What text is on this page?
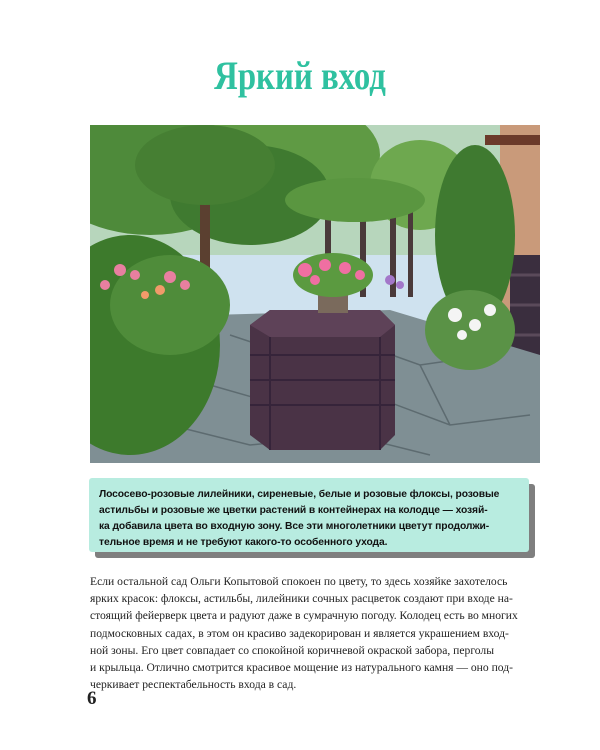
Яркий вход
Лососево-розовые лилейники, сиреневые, белые и розовые флоксы, розовые
астильбы и розовые же цветки растений в контейнерах на колодце — хозяй-
ка добавила цвета во входную зону. Все эти многолетники цветут продолжи-
тельное время и не требуют какого-то особенного ухода.
Если остальной сад Ольги Копытовой спокоен по цвету, то здесь хозяйке захотелось
ярких красок: флоксы, астильбы, лилейники сочных расцветок создают при входе на-
стоящий фейерверк цвета и радуют даже в сумрачную погоду. Колодец есть во многих
подмосковных садах, в этом он красиво задекорирован и является украшением вход-
ной зоны. Его цвет совпадает со спокойной коричневой окраской забора, перголы
и крыльца. Отлично смотрится красивое мощение из натурального камня — оно под-
черкивает респектабельность входа в сад.
6
